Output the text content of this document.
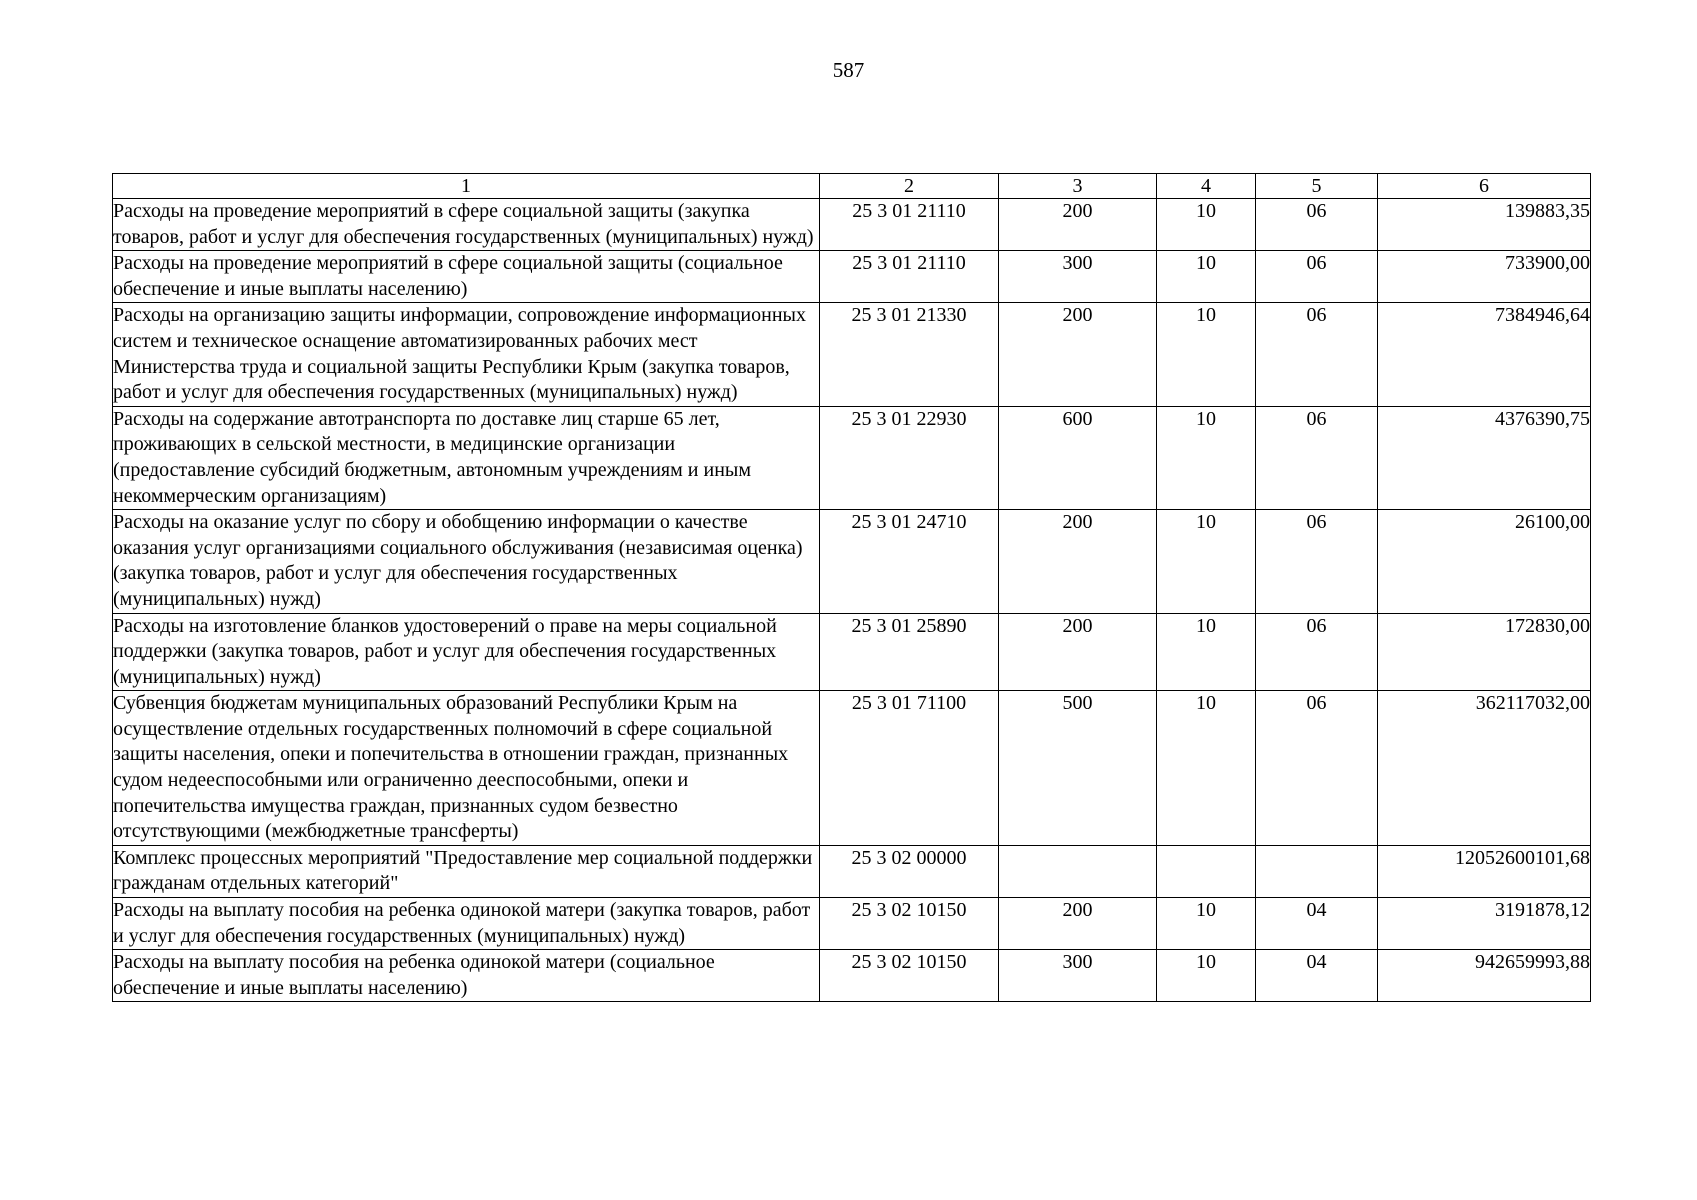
587
1	2	3	4	5	6
Расходы на проведение мероприятий в сфере социальной защиты (закупка товаров, работ и услуг для обеспечения государственных (муниципальных) нужд)	25 3 01 21110	200	10	06	139883,35
Расходы на проведение мероприятий в сфере социальной защиты (социальное обеспечение и иные выплаты населению)	25 3 01 21110	300	10	06	733900,00
Расходы на организацию защиты информации, сопровождение информационных систем и техническое оснащение автоматизированных рабочих мест Министерства труда и социальной защиты Республики Крым (закупка товаров, работ и услуг для обеспечения государственных (муниципальных) нужд)	25 3 01 21330	200	10	06	7384946,64
Расходы на содержание автотранспорта по доставке лиц старше 65 лет, проживающих в сельской местности, в медицинские организации (предоставление субсидий бюджетным, автономным учреждениям и иным некоммерческим организациям)	25 3 01 22930	600	10	06	4376390,75
Расходы на оказание услуг по сбору и обобщению информации о качестве оказания услуг организациями социального обслуживания (независимая оценка) (закупка товаров, работ и услуг для обеспечения государственных (муниципальных) нужд)	25 3 01 24710	200	10	06	26100,00
Расходы на изготовление бланков удостоверений о праве на меры социальной поддержки (закупка товаров, работ и услуг для обеспечения государственных (муниципальных) нужд)	25 3 01 25890	200	10	06	172830,00
Субвенция бюджетам муниципальных образований Республики Крым на осуществление отдельных государственных полномочий в сфере социальной защиты населения, опеки и попечительства в отношении граждан, признанных судом недееспособными или ограниченно дееспособными, опеки и попечительства имущества граждан, признанных судом безвестно отсутствующими (межбюджетные трансферты)	25 3 01 71100	500	10	06	362117032,00
Комплекс процессных мероприятий "Предоставление мер социальной поддержки гражданам отдельных категорий"	25 3 02 00000				12052600101,68
Расходы на выплату пособия на ребенка одинокой матери (закупка товаров, работ и услуг для обеспечения государственных (муниципальных) нужд)	25 3 02 10150	200	10	04	3191878,12
Расходы на выплату пособия на ребенка одинокой матери (социальное обеспечение и иные выплаты населению)	25 3 02 10150	300	10	04	942659993,88
